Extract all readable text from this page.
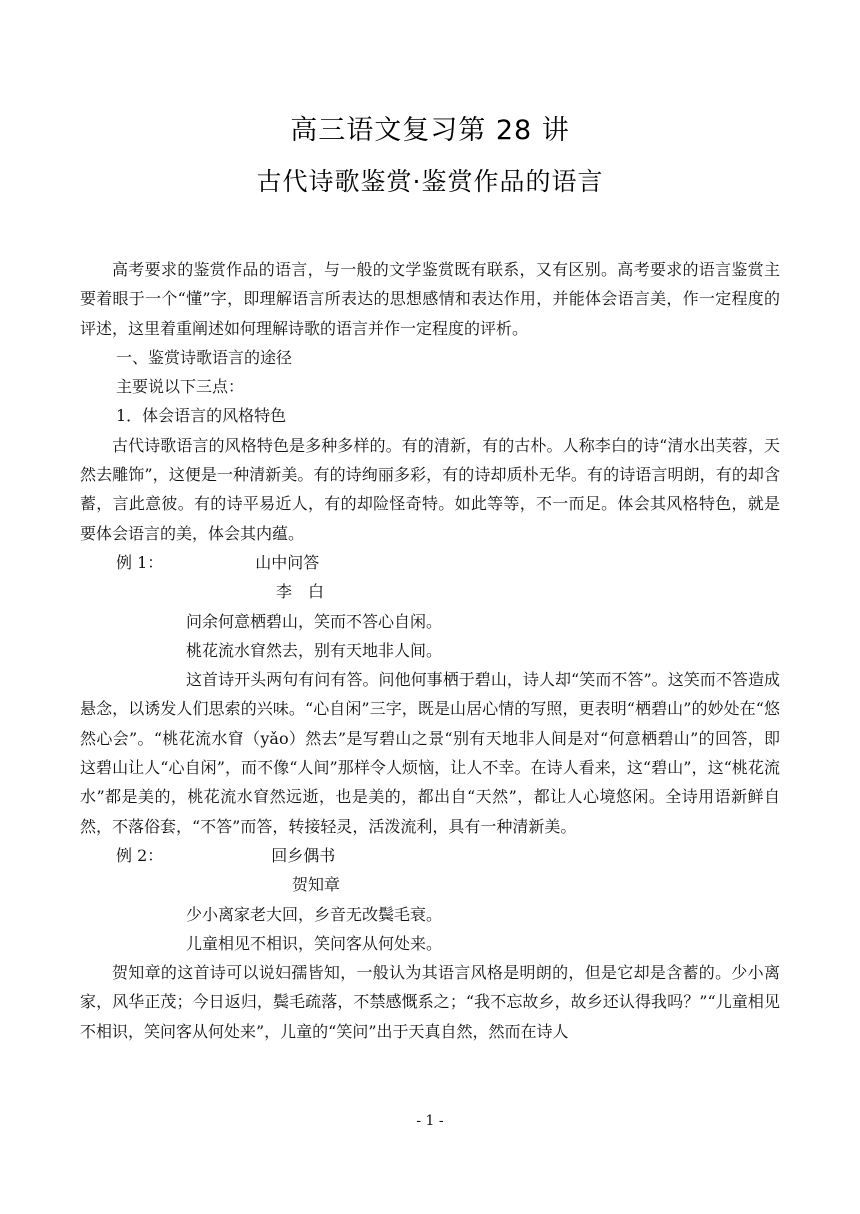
高三语文复习第 28 讲
古代诗歌鉴赏·鉴赏作品的语言

高考要求的鉴赏作品的语言，与一般的文学鉴赏既有联系，又有区别。高考要求的语言鉴赏主要着眼于一个“懂”字，即理解语言所表达的思想感情和表达作用，并能体会语言美，作一定程度的评述，这里着重阐述如何理解诗歌的语言并作一定程度的评析。

一、鉴赏诗歌语言的途径

主要说以下三点：

1．体会语言的风格特色

古代诗歌语言的风格特色是多种多样的。有的清新，有的古朴。人称李白的诗“清水出芙蓉，天然去雕饰”，这便是一种清新美。有的诗绚丽多彩，有的诗却质朴无华。有的诗语言明朗，有的却含蓄，言此意彼。有的诗平易近人，有的却险怪奇特。如此等等，不一而足。体会其风格特色，就是要体会语言的美，体会其内蕴。

例 1：	山中问答

李　白

问余何意栖碧山，笑而不答心自闲。

桃花流水窅然去，别有天地非人间。

这首诗开头两句有问有答。问他何事栖于碧山，诗人却“笑而不答”。这笑而不答造成悬念，以诱发人们思索的兴味。“心自闲”三字，既是山居心情的写照，更表明“栖碧山”的妙处在“悠然心会”。“桃花流水窅（yǎo）然去”是写碧山之景“别有天地非人间是对“何意栖碧山”的回答，即这碧山让人“心自闲”，而不像“人间”那样令人烦恼，让人不幸。在诗人看来，这“碧山”，这“桃花流水”都是美的，桃花流水窅然远逝，也是美的，都出自“天然”，都让人心境悠闲。全诗用语新鲜自然，不落俗套，“不答”而答，转接轻灵，活泼流利，具有一种清新美。

例 2：	回乡偶书

贺知章

少小离家老大回，乡音无改鬓毛衰。

儿童相见不相识，笑问客从何处来。

贺知章的这首诗可以说妇孺皆知，一般认为其语言风格是明朗的，但是它却是含蓄的。少小离家，风华正茂；今日返归，鬓毛疏落，不禁感慨系之；“我不忘故乡，故乡还认得我吗？”“儿童相见不相识，笑问客从何处来”，儿童的“笑问”出于天真自然，然而在诗人

- 1 -
